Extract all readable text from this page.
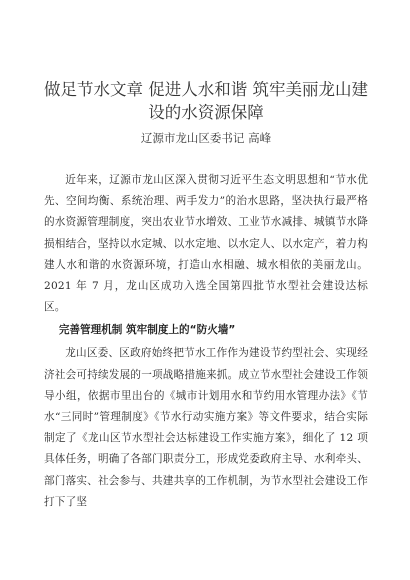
做足节水文章 促进人水和谐 筑牢美丽龙山建
设的水资源保障
辽源市龙山区委书记 高峰

近年来，辽源市龙山区深入贯彻习近平生态文明思想和“节水优先、空间均衡、系统治理、两手发力”的治水思路，坚决执行最严格的水资源管理制度，突出农业节水增效、工业节水减排、城镇节水降损相结合，坚持以水定城、以水定地、以水定人、以水定产，着力构建人水和谐的水资源环境，打造山水相融、城水相依的美丽龙山。2021 年 7 月，龙山区成功入选全国第四批节水型社会建设达标区。

完善管理机制 筑牢制度上的“防火墙”

龙山区委、区政府始终把节水工作作为建设节约型社会、实现经济社会可持续发展的一项战略措施来抓。成立节水型社会建设工作领导小组，依据市里出台的《城市计划用水和节约用水管理办法》《节水“三同时”管理制度》《节水行动实施方案》等文件要求，结合实际制定了《龙山区节水型社会达标建设工作实施方案》，细化了 12 项具体任务，明确了各部门职责分工，形成党委政府主导、水利牵头、部门落实、社会参与、共建共享的工作机制，为节水型社会建设工作打下了坚
